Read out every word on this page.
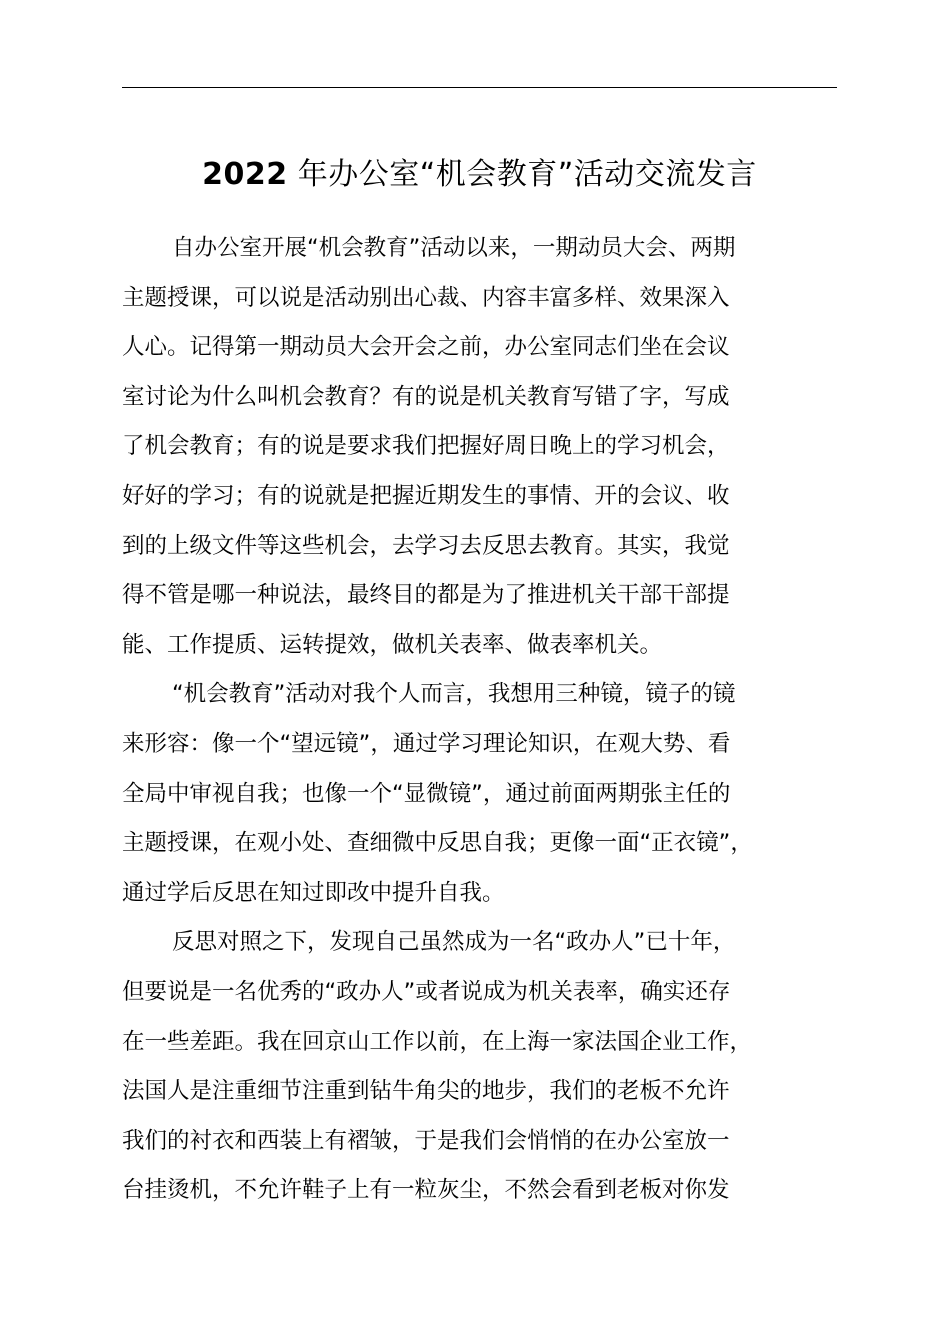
2022 年办公室“机会教育”活动交流发言
自办公室开展“机会教育”活动以来，一期动员大会、两期
主题授课，可以说是活动别出心裁、内容丰富多样、效果深入
人心。记得第一期动员大会开会之前，办公室同志们坐在会议
室讨论为什么叫机会教育？有的说是机关教育写错了字，写成
了机会教育；有的说是要求我们把握好周日晚上的学习机会，
好好的学习；有的说就是把握近期发生的事情、开的会议、收
到的上级文件等这些机会，去学习去反思去教育。其实，我觉
得不管是哪一种说法，最终目的都是为了推进机关干部干部提
能、工作提质、运转提效，做机关表率、做表率机关。
“机会教育”活动对我个人而言，我想用三种镜，镜子的镜
来形容：像一个“望远镜”，通过学习理论知识，在观大势、看
全局中审视自我；也像一个“显微镜”，通过前面两期张主任的
主题授课，在观小处、查细微中反思自我；更像一面“正衣镜”，
通过学后反思在知过即改中提升自我。
反思对照之下，发现自己虽然成为一名“政办人”已十年，
但要说是一名优秀的“政办人”或者说成为机关表率，确实还存
在一些差距。我在回京山工作以前，在上海一家法国企业工作，
法国人是注重细节注重到钻牛角尖的地步，我们的老板不允许
我们的衬衣和西装上有褶皱，于是我们会悄悄的在办公室放一
台挂烫机，不允许鞋子上有一粒灰尘，不然会看到老板对你发
